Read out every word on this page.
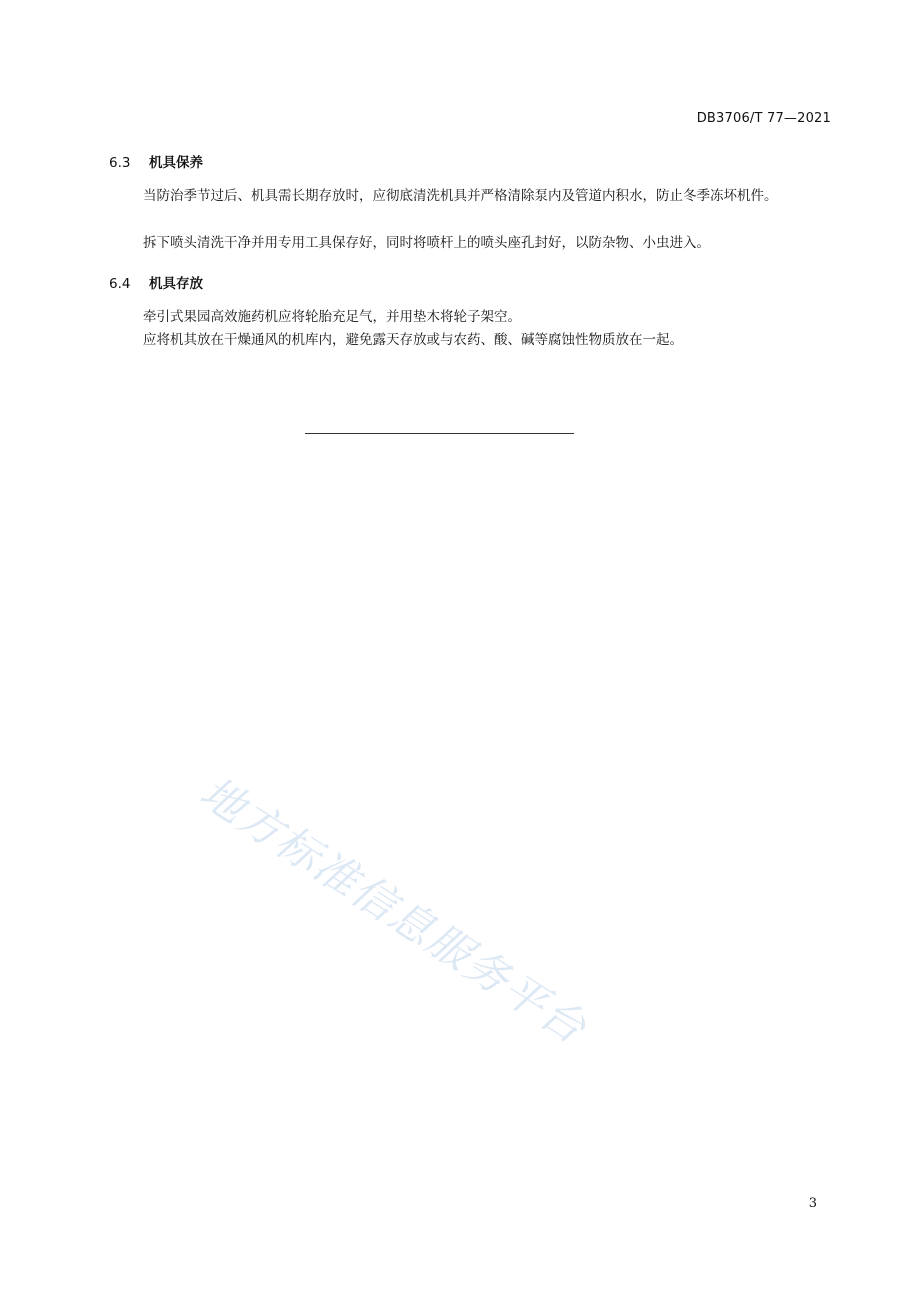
DB3706/T 77—2021
6.3 机具保养

当防治季节过后、机具需长期存放时，应彻底清洗机具并严格清除泵内及管道内积水，防止冬季冻坏机件。

拆下喷头清洗干净并用专用工具保存好，同时将喷杆上的喷头座孔封好，以防杂物、小虫进入。

6.4 机具存放

牵引式果园高效施药机应将轮胎充足气，并用垫木将轮子架空。

应将机其放在干燥通风的机库内，避免露天存放或与农药、酸、碱等腐蚀性物质放在一起。

地方标准信息服务平台
3
